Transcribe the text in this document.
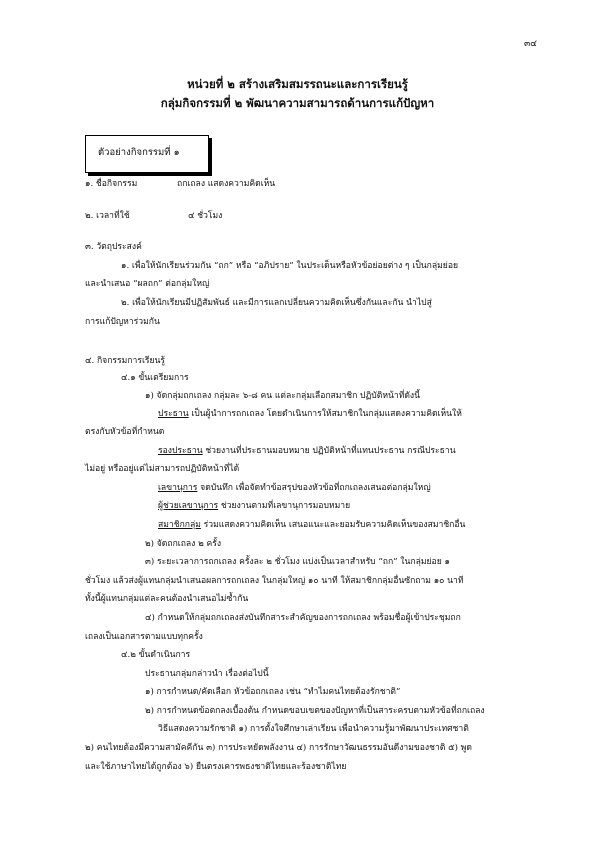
๓๔
หน่วยที่ ๒ สร้างเสริมสมรรถนะและการเรียนรู้
กลุ่มกิจกรรมที่ ๒ พัฒนาความสามารถด้านการแก้ปัญหา
ตัวอย่างกิจกรรมที่ ๑
๑. ชื่อกิจกรรม	ถกเถลง แสดงความคิดเห็น
๒. เวลาที่ใช้	๔ ชั่วโมง
๓. วัตถุประสงค์
๑. เพื่อให้นักเรียนร่วมกัน “ถก” หรือ “อภิปราย” ในประเด็นหรือหัวข้อย่อยต่าง ๆ เป็นกลุ่มย่อย
และนำเสนอ “ผลถก” ต่อกลุ่มใหญ่
๒. เพื่อให้นักเรียนมีปฏิสัมพันธ์ และมีการแลกเปลี่ยนความคิดเห็นซึ่งกันและกัน นำไปสู่
การแก้ปัญหาร่วมกัน
๔. กิจกรรมการเรียนรู้
๔.๑ ขั้นเตรียมการ
๑) จัดกลุ่มถกเถลง กลุ่มละ ๖-๘ คน แต่ละกลุ่มเลือกสมาชิก ปฏิบัติหน้าที่ดังนี้
ประธาน เป็นผู้นำการถกเถลง โดยดำเนินการให้สมาชิกในกลุ่มแสดงความคิดเห็นให้
ตรงกับหัวข้อที่กำหนด
รองประธาน ช่วยงานที่ประธานมอบหมาย ปฏิบัติหน้าที่แทนประธาน กรณีประธาน
ไม่อยู่ หรืออยู่แต่ไม่สามารถปฏิบัติหน้าที่ได้
เลขานุการ จดบันทึก เพื่อจัดทำข้อสรุปของหัวข้อที่ถกเถลงเสนอต่อกลุ่มใหญ่
ผู้ช่วยเลขานุการ ช่วยงานตามที่เลขานุการมอบหมาย
สมาชิกกลุ่ม ร่วมแสดงความคิดเห็น เสนอแนะและยอมรับความคิดเห็นของสมาชิกอื่น
๒) จัดถกเถลง ๒ ครั้ง
๓) ระยะเวลาการถกเถลง ครั้งละ ๒ ชั่วโมง แบ่งเป็นเวลาสำหรับ “ถก” ในกลุ่มย่อย ๑
ชั่วโมง แล้วส่งผู้แทนกลุ่มนำเสนอผลการถกเถลง ในกลุ่มใหญ่ ๑๐ นาที ให้สมาชิกกลุ่มอื่นซักถาม ๑๐ นาที
ทั้งนี้ผู้แทนกลุ่มแต่ละคนต้องนำเสนอไม่ซ้ำกัน
๔) กำหนดให้กลุ่มถกเถลงส่งบันทึกสาระสำคัญของการถกเถลง พร้อมชื่อผู้เข้าประชุมถก
เถลงเป็นเอกสารตามแบบทุกครั้ง
๔.๒ ขั้นดำเนินการ
ประธานกลุ่มกล่าวนำ เรื่องต่อไปนี้
๑) การกำหนด/คัดเลือก หัวข้อถกเถลง เช่น “ทำไมคนไทยต้องรักชาติ”
๒) การกำหนดข้อตกลงเบื้องต้น กำหนดขอบเขตของปัญหาที่เป็นสาระครบตามหัวข้อที่ถกเถลง
วิธีแสดงความรักชาติ ๑) การตั้งใจศึกษาเล่าเรียน เพื่อนำความรู้มาพัฒนาประเทศชาติ
๒) คนไทยต้องมีความสามัคคีกัน ๓) การประหยัดพลังงาน ๔) การรักษาวัฒนธรรมอันดีงามของชาติ ๕) พูด
และใช้ภาษาไทยได้ถูกต้อง ๖) ยืนตรงเคารพธงชาติไทยและร้องชาติไทย
